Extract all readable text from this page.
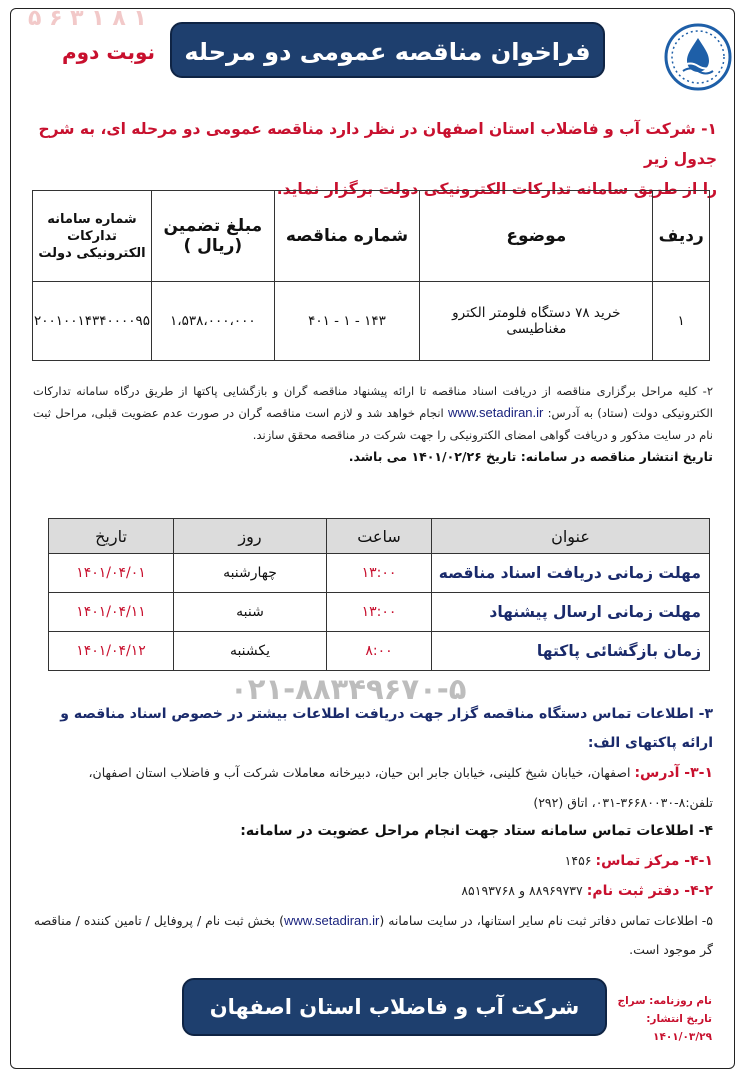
۵ ۶ ۳ ۱ ۸ ۱
فراخوان مناقصه عمومی دو مرحله ای
نوبت دوم
۱- شرکت آب و فاضلاب استان اصفهان در نظر دارد مناقصه عمومی دو مرحله ای، به شرح جدول زیر
را از طریق سامانه تدارکات الکترونیکی دولت برگزار نماید.
ردیف	موضوع	شماره مناقصه	مبلغ تضمین (ریال )	شماره سامانه تدارکات الکترونیکی دولت
۱	خرید ۷۸ دستگاه فلومتر الکترو مغناطیسی	۱۴۳ - ۱ - ۴۰۱	۱،۵۳۸،۰۰۰،۰۰۰	۲۰۰۱۰۰۱۴۳۴۰۰۰۰۹۵
۲- کلیه مراحل برگزاری مناقصه از دریافت اسناد مناقصه تا ارائه پیشنهاد مناقصه گران و بازگشایی پاکتها از طریق درگاه سامانه تدارکات الکترونیکی دولت (ستاد) به آدرس: www.setadiran.ir انجام خواهد شد و لازم است مناقصه گران در صورت عدم عضویت قبلی، مراحل ثبت نام در سایت مذکور و دریافت گواهی امضای الکترونیکی را جهت شرکت در مناقصه محقق سازند.
تاریخ انتشار مناقصه در سامانه: تاریخ ۱۴۰۱/۰۲/۲۶ می باشد.
عنوان	ساعت	روز	تاریخ
مهلت زمانی دریافت اسناد مناقصه	۱۳:۰۰	چهارشنبه	۱۴۰۱/۰۴/۰۱
مهلت زمانی ارسال پیشنهاد	۱۳:۰۰	شنبه	۱۴۰۱/۰۴/۱۱
زمان بازگشائی پاکتها	۸:۰۰	یکشنبه	۱۴۰۱/۰۴/۱۲
۰۲۱-۸۸۳۴۹۶۷۰-۵
۳- اطلاعات تماس دستگاه مناقصه گزار جهت دریافت اطلاعات بیشتر در خصوص اسناد مناقصه و ارائه پاکتهای الف:
۳-۱- آدرس: اصفهان، خیابان شیخ کلینی، خیابان جابر ابن حیان، دبیرخانه معاملات شرکت آب و فاضلاب استان اصفهان، تلفن:۸-۳۶۶۸۰۰۳۰-۰۳۱، اتاق (۲۹۲)
۴- اطلاعات تماس سامانه ستاد جهت انجام مراحل عضویت در سامانه:
۴-۱- مرکز تماس: ۱۴۵۶
۴-۲- دفتر ثبت نام: ۸۸۹۶۹۷۳۷ و ۸۵۱۹۳۷۶۸
۵- اطلاعات تماس دفاتر ثبت نام سایر استانها، در سایت سامانه (www.setadiran.ir) بخش ثبت نام / پروفایل / تامین کننده / مناقصه گر موجود است.
شرکت آب و فاضلاب استان اصفهان	نام روزنامه: سراج
تاریخ انتشار: ۱۴۰۱/۰۳/۲۹
